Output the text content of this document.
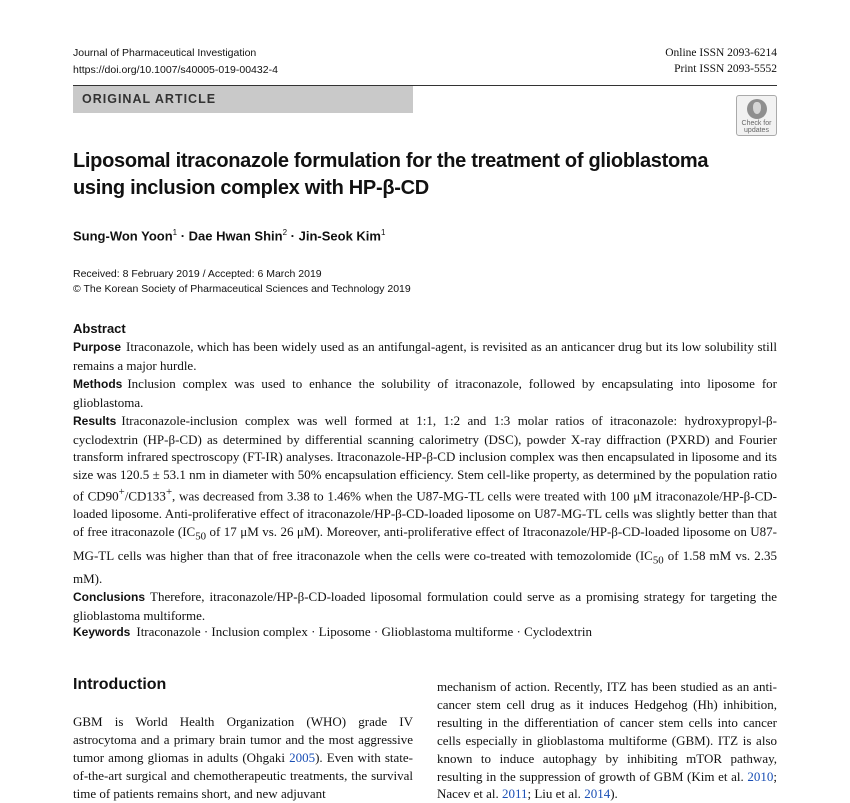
Journal of Pharmaceutical Investigation
https://doi.org/10.1007/s40005-019-00432-4
Online ISSN 2093-6214
Print ISSN 2093-5552
ORIGINAL ARTICLE
Check for updates
Liposomal itraconazole formulation for the treatment of glioblastoma
using inclusion complex with HP-β-CD
Sung-Won Yoon$^1$ · Dae Hwan Shin$^2$ · Jin-Seok Kim$^1$
Received: 8 February 2019 / Accepted: 6 March 2019
© The Korean Society of Pharmaceutical Sciences and Technology 2019
Abstract

Purpose Itraconazole, which has been widely used as an antifungal-agent, is revisited as an anticancer drug but its low solubility still remains a major hurdle.

Methods Inclusion complex was used to enhance the solubility of itraconazole, followed by encapsulating into liposome for glioblastoma.

Results Itraconazole-inclusion complex was well formed at 1:1, 1:2 and 1:3 molar ratios of itraconazole: hydroxypropyl-β-cyclodextrin (HP-β-CD) as determined by differential scanning calorimetry (DSC), powder X-ray diffraction (PXRD) and Fourier transform infrared spectroscopy (FT-IR) analyses. Itraconazole-HP-β-CD inclusion complex was then encapsulated in liposome and its size was 120.5 ± 53.1 nm in diameter with 50% encapsulation efficiency. Stem cell-like property, as determined by the population ratio of CD90+/CD133+, was decreased from 3.38 to 1.46% when the U87-MG-TL cells were treated with 100 μM itraconazole/HP-β-CD-loaded liposome. Anti-proliferative effect of itraconazole/HP-β-CD-loaded liposome on U87-MG-TL cells was slightly better than that of free itraconazole ($IC_{50}$ of 17 μM vs. 26 μM). Moreover, anti-proliferative effect of Itraconazole/HP-β-CD-loaded liposome on U87-MG-TL cells was higher than that of free itraconazole when the cells were co-treated with temozolomide ($IC_{50}$ of 1.58 mM vs. 2.35 mM).

Conclusions Therefore, itraconazole/HP-β-CD-loaded liposomal formulation could serve as a promising strategy for targeting the glioblastoma multiforme.

Keywords Itraconazole · Inclusion complex · Liposome · Glioblastoma multiforme · Cyclodextrin
Introduction
GBM is World Health Organization (WHO) grade IV astrocytoma and a primary brain tumor and the most aggressive tumor among gliomas in adults (Ohgaki 2005). Even with state-of-the-art surgical and chemotherapeutic treatments, the survival time of patients remains short, and new adjuvant
mechanism of action. Recently, ITZ has been studied as an anti-cancer stem cell drug as it induces Hedgehog (Hh) inhibition, resulting in the differentiation of cancer stem cells into cancer cells especially in glioblastoma multiforme (GBM). ITZ is also known to induce autophagy by inhibiting mTOR pathway, resulting in the suppression of growth of GBM (Kim et al. 2010; Nacev et al. 2011; Liu et al. 2014).
